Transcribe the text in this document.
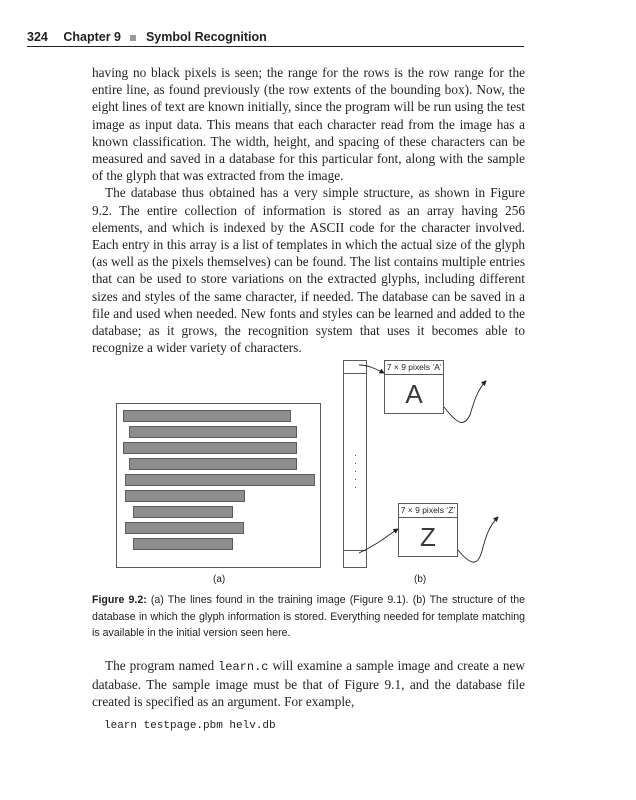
324 Chapter 9 Symbol Recognition

having no black pixels is seen; the range for the rows is the row range for the entire line, as found previously (the row extents of the bounding box). Now, the eight lines of text are known initially, since the program will be run using the test image as input data. This means that each character read from the image has a known classification. The width, height, and spacing of these characters can be measured and saved in a database for this particular font, along with the sample of the glyph that was extracted from the image.

The database thus obtained has a very simple structure, as shown in Figure 9.2. The entire collection of information is stored as an array having 256 elements, and which is indexed by the ASCII code for the character involved. Each entry in this array is a list of templates in which the actual size of the glyph (as well as the pixels themselves) can be found. The list contains multiple entries that can be used to store variations on the extracted glyphs, including different sizes and styles of the same character, if needed. The database can be saved in a file and used when needed. New fonts and styles can be learned and added to the database; as it grows, the recognition system that uses it becomes able to recognize a wider variety of characters.

·
·
·
·
·
7 × 9 pixels ‘A’
A
7 × 9 pixels ‘Z’
Z
(a)	(b)
Figure 9.2: (a) The lines found in the training image (Figure 9.1). (b) The structure of the database in which the glyph information is stored. Everything needed for template matching is available in the initial version seen here.

The program named learn.c will examine a sample image and create a new database. The sample image must be that of Figure 9.1, and the database file created is specified as an argument. For example,

learn testpage.pbm helv.db
